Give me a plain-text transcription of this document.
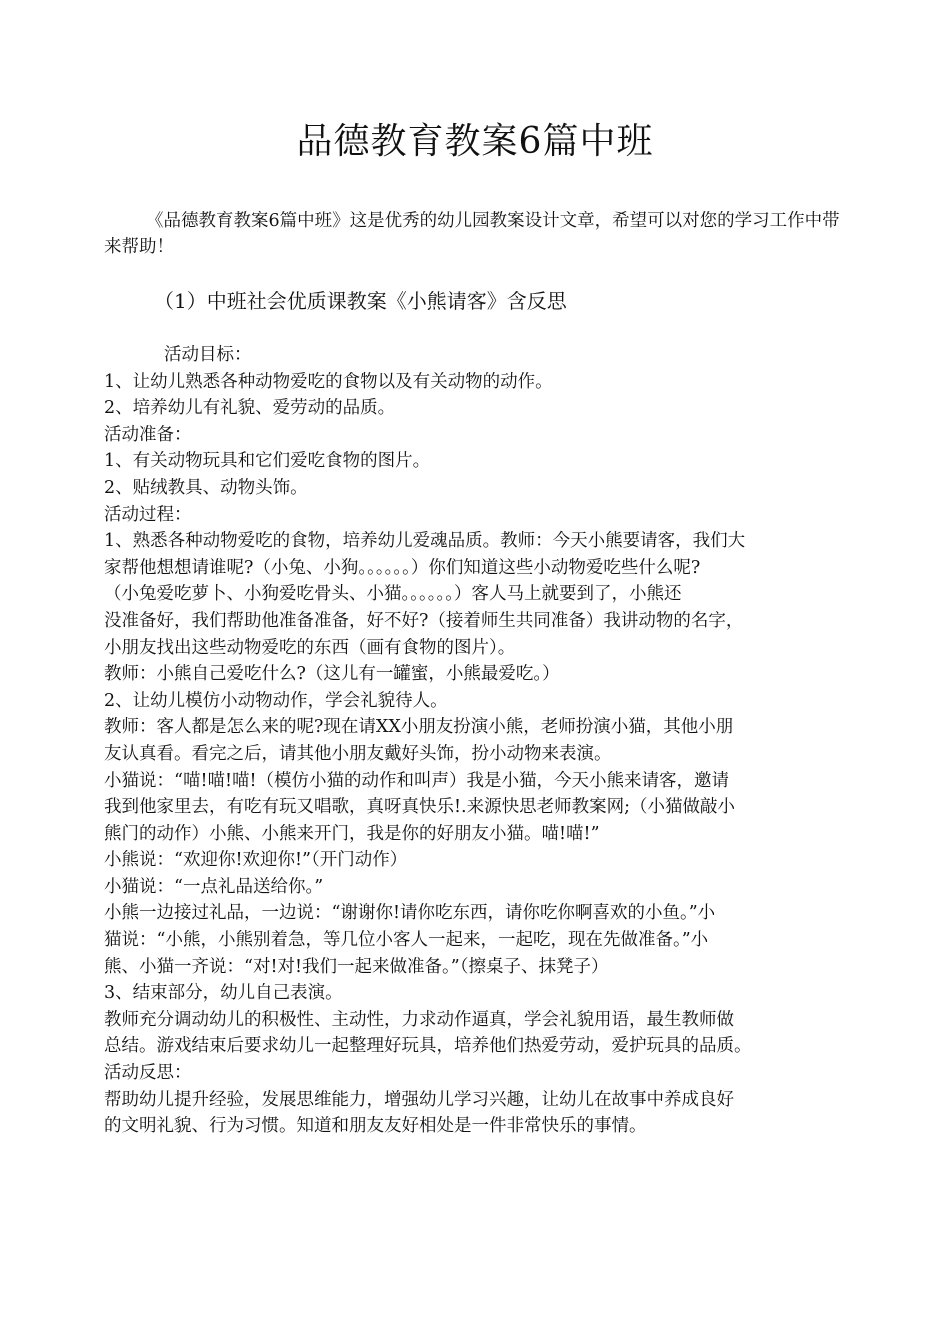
品德教育教案6篇中班
《品德教育教案6篇中班》这是优秀的幼儿园教案设计文章，希望可以对您的学习工作中带来帮助！
（1）中班社会优质课教案《小熊请客》含反思
活动目标：
1、让幼儿熟悉各种动物爱吃的食物以及有关动物的动作。
2、培养幼儿有礼貌、爱劳动的品质。
活动准备：
1、有关动物玩具和它们爱吃食物的图片。
2、贴绒教具、动物头饰。
活动过程：
1、熟悉各种动物爱吃的食物，培养幼儿爱魂品质。教师：今天小熊要请客，我们大
家帮他想想请谁呢?（小兔、小狗。。。。。。）你们知道这些小动物爱吃些什么呢?
（小兔爱吃萝卜、小狗爱吃骨头、小猫。。。。。。）客人马上就要到了，小熊还
没准备好，我们帮助他准备准备，好不好?（接着师生共同准备）我讲动物的名字，
小朋友找出这些动物爱吃的东西（画有食物的图片）。
教师：小熊自己爱吃什么?（这儿有一罐蜜，小熊最爱吃。）
2、让幼儿模仿小动物动作，学会礼貌待人。
教师：客人都是怎么来的呢?现在请XX小朋友扮演小熊，老师扮演小猫，其他小朋
友认真看。看完之后，请其他小朋友戴好头饰，扮小动物来表演。
小猫说：“喵!喵!喵!（模仿小猫的动作和叫声）我是小猫，今天小熊来请客，邀请
我到他家里去，有吃有玩又唱歌，真呀真快乐!.来源快思老师教案网;（小猫做敲小
熊门的动作）小熊、小熊来开门，我是你的好朋友小猫。喵!喵!”
小熊说：“欢迎你!欢迎你!”（开门动作）
小猫说：“一点礼品送给你。”
小熊一边接过礼品，一边说：“谢谢你!请你吃东西，请你吃你啊喜欢的小鱼。”小
猫说：“小熊，小熊别着急，等几位小客人一起来，一起吃，现在先做准备。”小
熊、小猫一齐说：“对!对!我们一起来做准备。”（擦桌子、抹凳子）
3、结束部分，幼儿自己表演。
教师充分调动幼儿的积极性、主动性，力求动作逼真，学会礼貌用语，最生教师做
总结。游戏结束后要求幼儿一起整理好玩具，培养他们热爱劳动，爱护玩具的品质。
活动反思：
帮助幼儿提升经验，发展思维能力，增强幼儿学习兴趣，让幼儿在故事中养成良好
的文明礼貌、行为习惯。知道和朋友友好相处是一件非常快乐的事情。
